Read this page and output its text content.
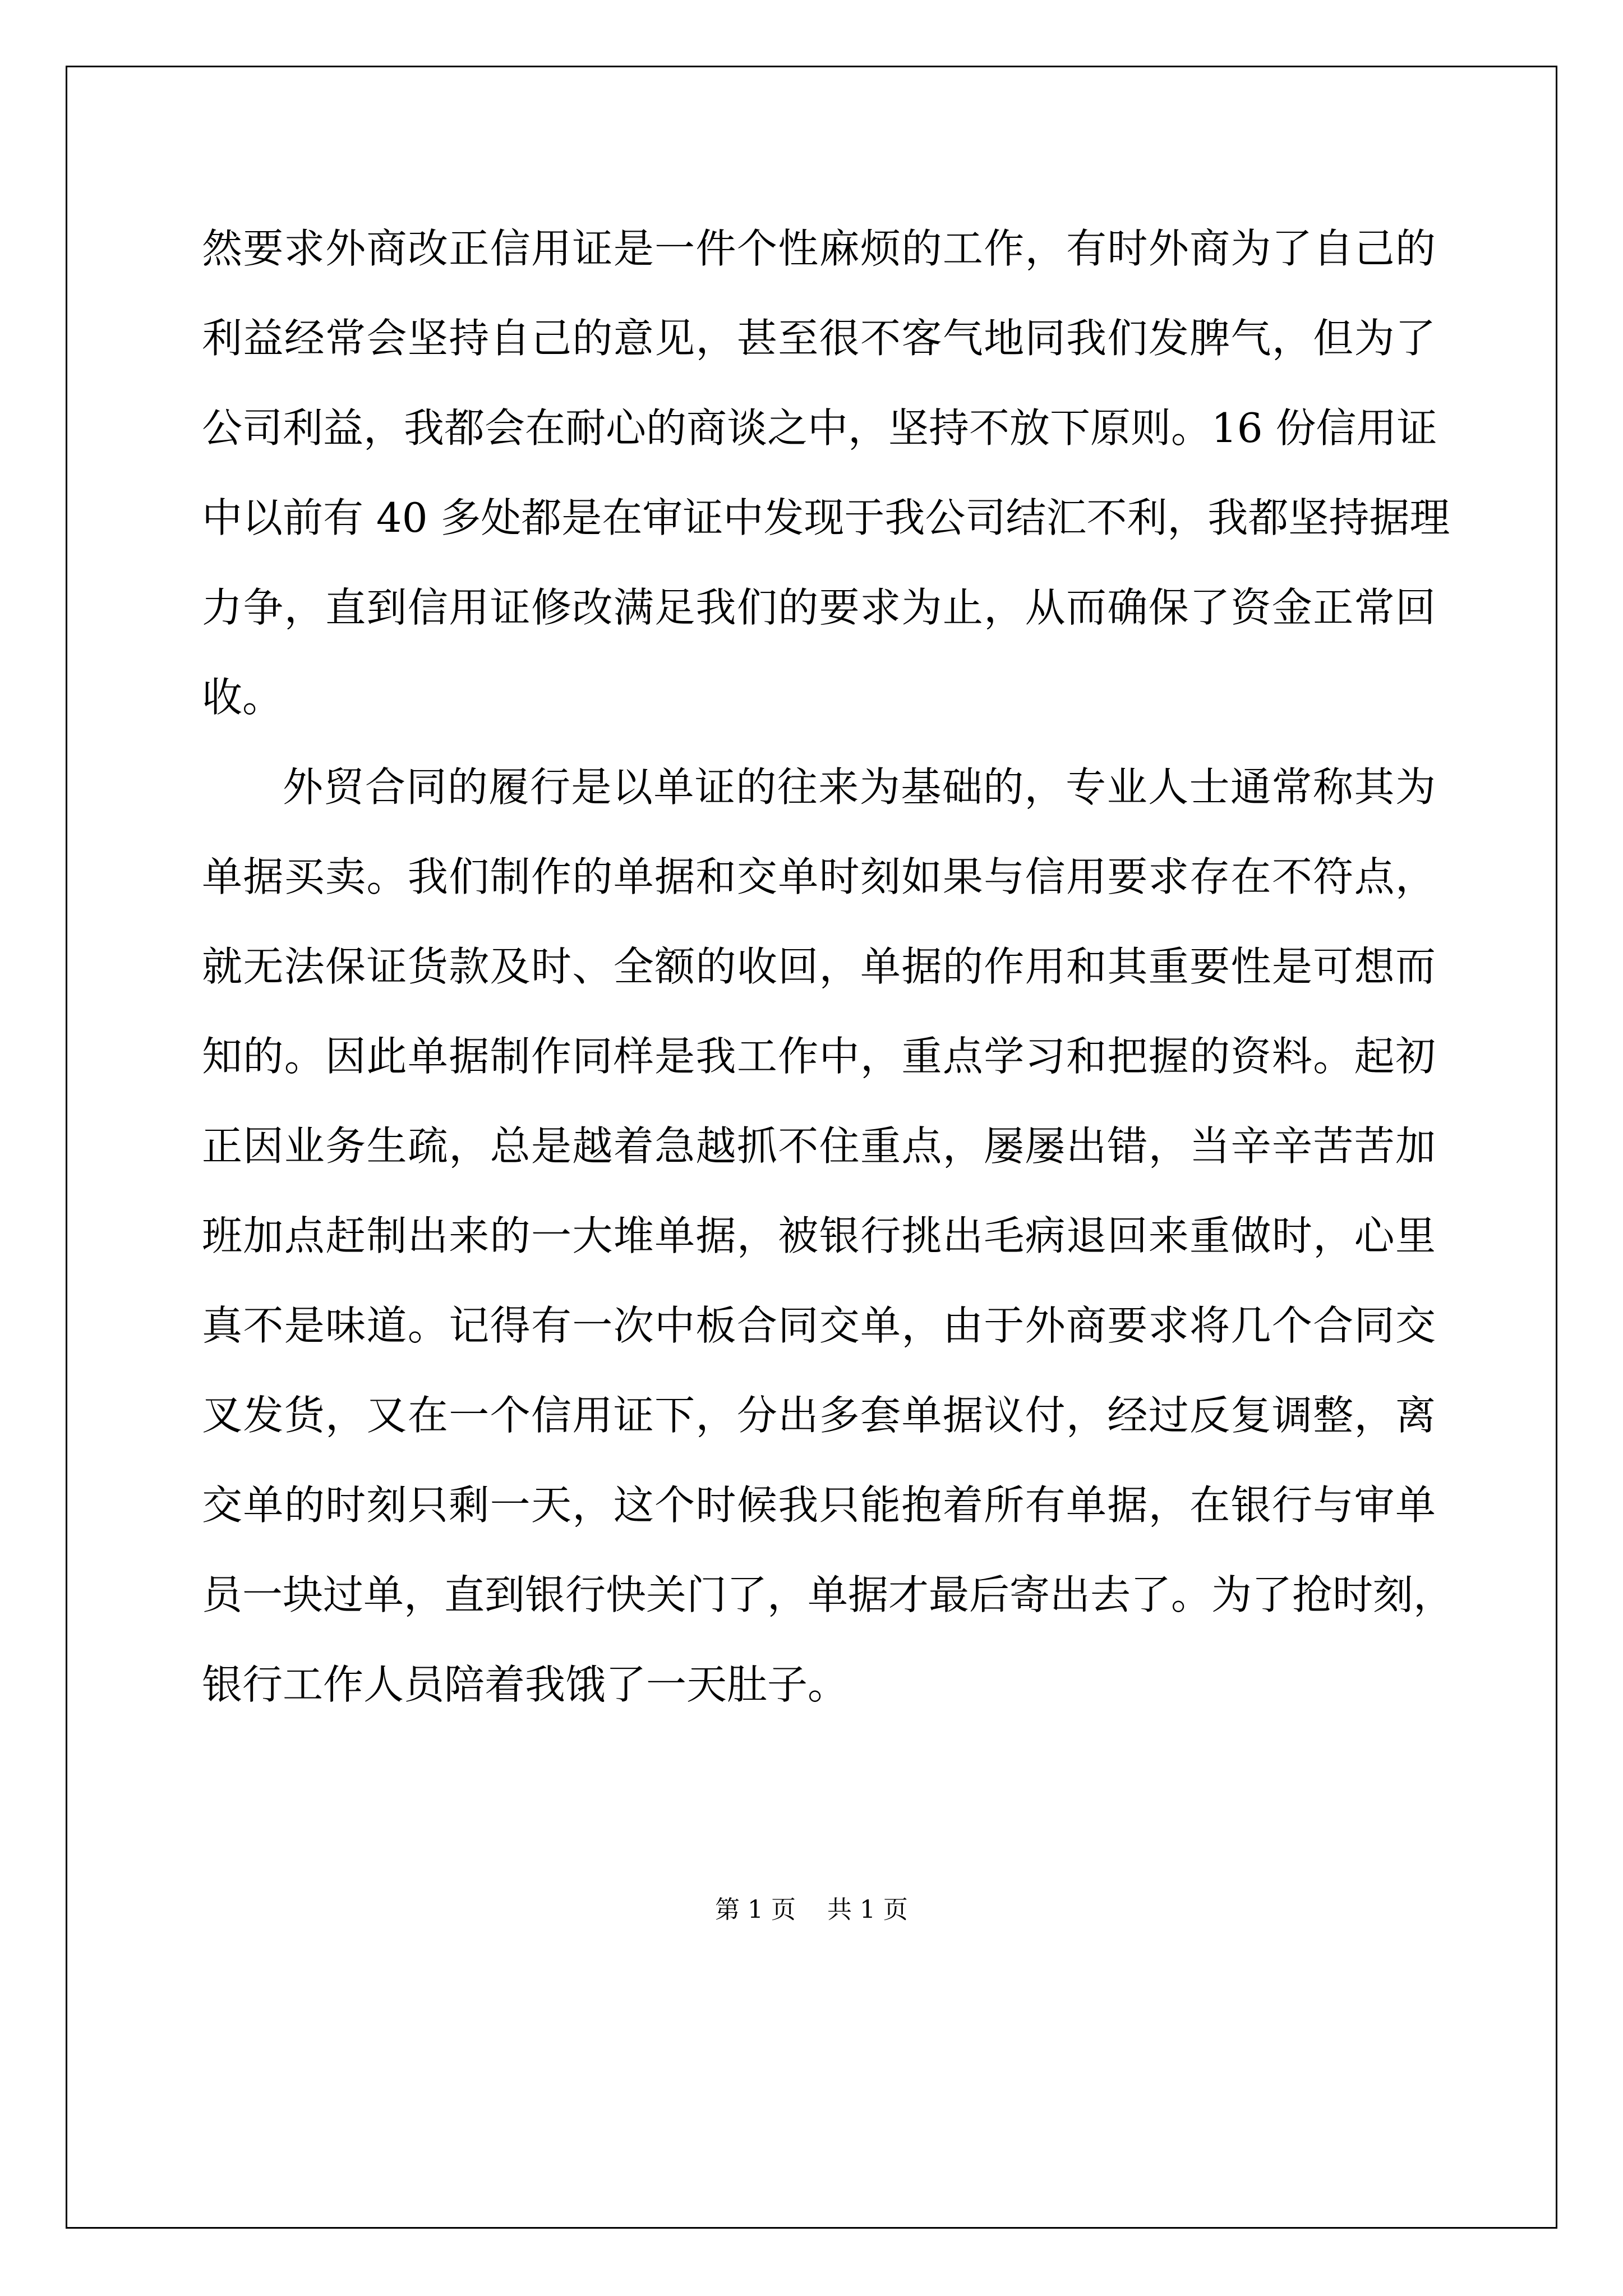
然要求外商改正信用证是一件个性麻烦的工作，有时外商为了自己的
利益经常会坚持自己的意见，甚至很不客气地同我们发脾气，但为了
公司利益，我都会在耐心的商谈之中，坚持不放下原则。16 份信用证
中以前有 40 多处都是在审证中发现于我公司结汇不利，我都坚持据理
力争，直到信用证修改满足我们的要求为止，从而确保了资金正常回
收。
外贸合同的履行是以单证的往来为基础的，专业人士通常称其为
单据买卖。我们制作的单据和交单时刻如果与信用要求存在不符点，
就无法保证货款及时、全额的收回，单据的作用和其重要性是可想而
知的。因此单据制作同样是我工作中，重点学习和把握的资料。起初
正因业务生疏，总是越着急越抓不住重点，屡屡出错，当辛辛苦苦加
班加点赶制出来的一大堆单据，被银行挑出毛病退回来重做时，心里
真不是味道。记得有一次中板合同交单，由于外商要求将几个合同交
叉发货，又在一个信用证下，分出多套单据议付，经过反复调整，离
交单的时刻只剩一天，这个时候我只能抱着所有单据，在银行与审单
员一块过单，直到银行快关门了，单据才最后寄出去了。为了抢时刻，
银行工作人员陪着我饿了一天肚子。
第 1 页 共 1 页
